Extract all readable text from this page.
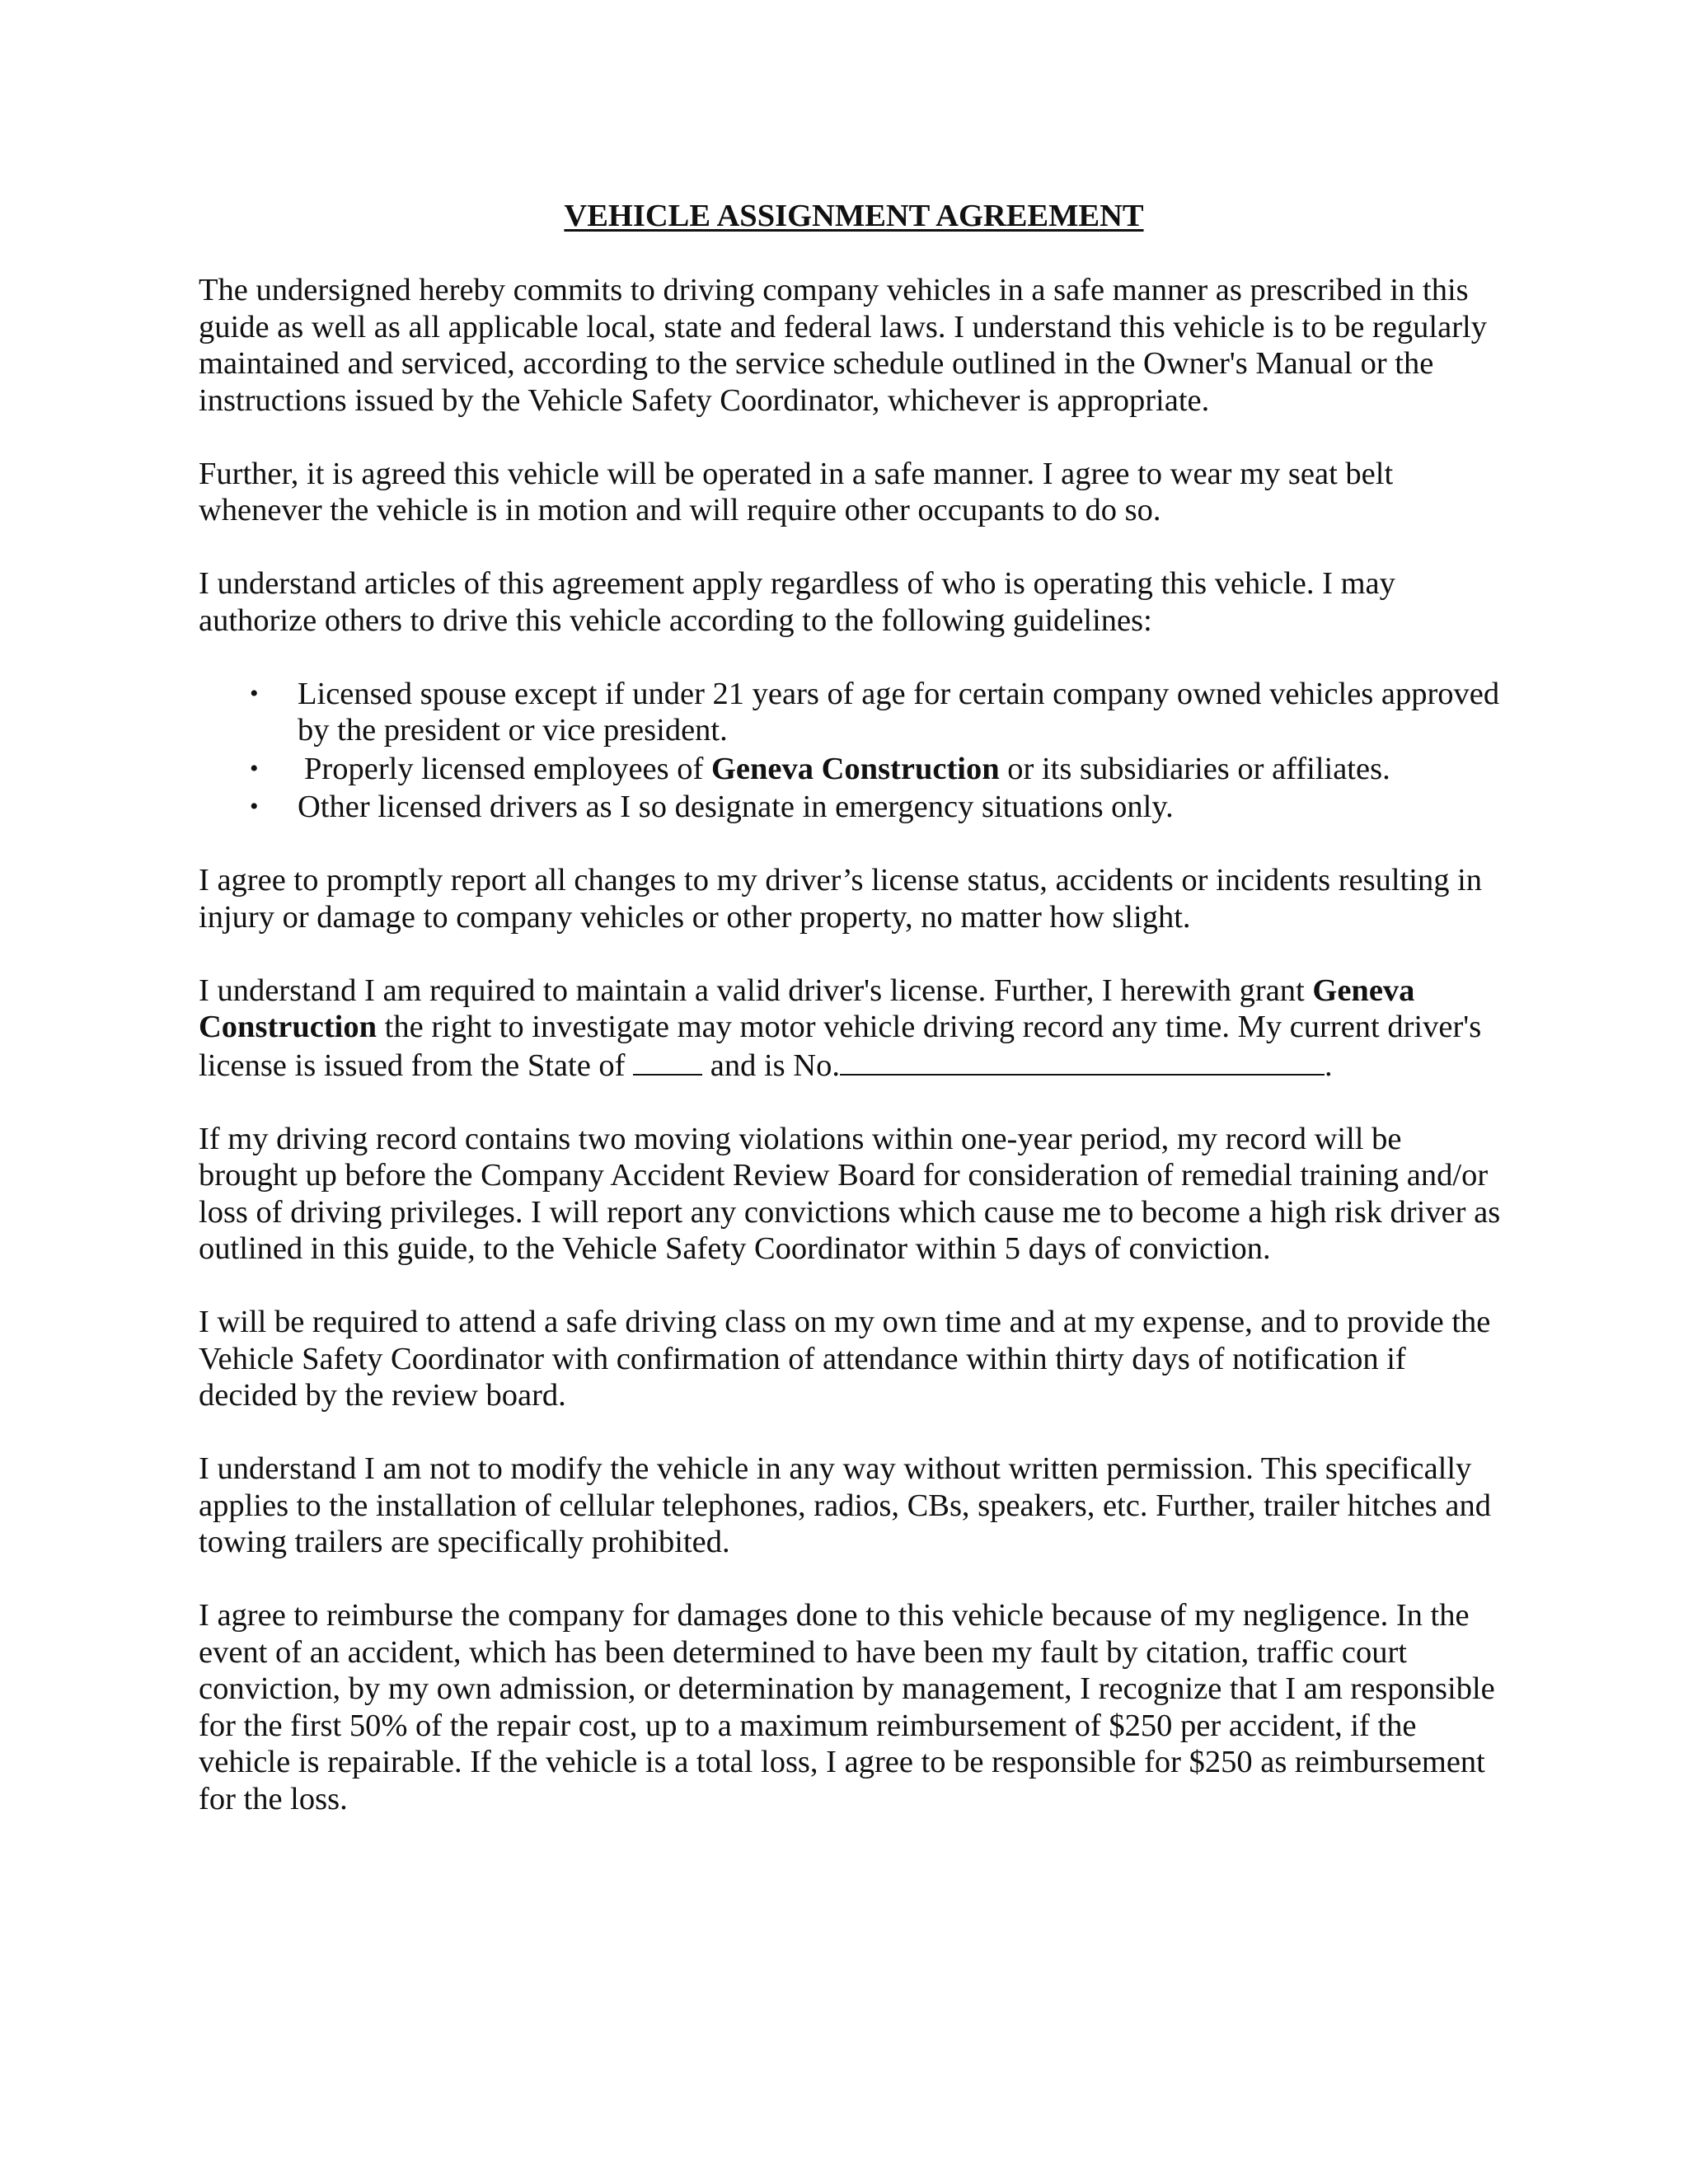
VEHICLE ASSIGNMENT AGREEMENT

The undersigned hereby commits to driving company vehicles in a safe manner as prescribed in this guide as well as all applicable local, state and federal laws. I understand this vehicle is to be regularly maintained and serviced, according to the service schedule outlined in the Owner's Manual or the instructions issued by the Vehicle Safety Coordinator, whichever is appropriate.

Further, it is agreed this vehicle will be operated in a safe manner. I agree to wear my seat belt whenever the vehicle is in motion and will require other occupants to do so.

I understand articles of this agreement apply regardless of who is operating this vehicle. I may authorize others to drive this vehicle according to the following guidelines:

• Licensed spouse except if under 21 years of age for certain company owned vehicles approved by the president or vice president.
• Properly licensed employees of Geneva Construction or its subsidiaries or affiliates.
• Other licensed drivers as I so designate in emergency situations only.

I agree to promptly report all changes to my driver’s license status, accidents or incidents resulting in injury or damage to company vehicles or other property, no matter how slight.

I understand I am required to maintain a valid driver's license. Further, I herewith grant Geneva Construction the right to investigate may motor vehicle driving record any time. My current driver's license is issued from the State of  and is No.	.

If my driving record contains two moving violations within one-year period, my record will be brought up before the Company Accident Review Board for consideration of remedial training and/or loss of driving privileges. I will report any convictions which cause me to become a high risk driver as outlined in this guide, to the Vehicle Safety Coordinator within 5 days of conviction.

I will be required to attend a safe driving class on my own time and at my expense, and to provide the Vehicle Safety Coordinator with confirmation of attendance within thirty days of notification if decided by the review board.

I understand I am not to modify the vehicle in any way without written permission. This specifically applies to the installation of cellular telephones, radios, CBs, speakers, etc. Further, trailer hitches and towing trailers are specifically prohibited.

I agree to reimburse the company for damages done to this vehicle because of my negligence. In the event of an accident, which has been determined to have been my fault by citation, traffic court conviction, by my own admission, or determination by management, I recognize that I am responsible for the first 50% of the repair cost, up to a maximum reimbursement of $250 per accident, if the vehicle is repairable. If the vehicle is a total loss, I agree to be responsible for $250 as reimbursement for the loss.
